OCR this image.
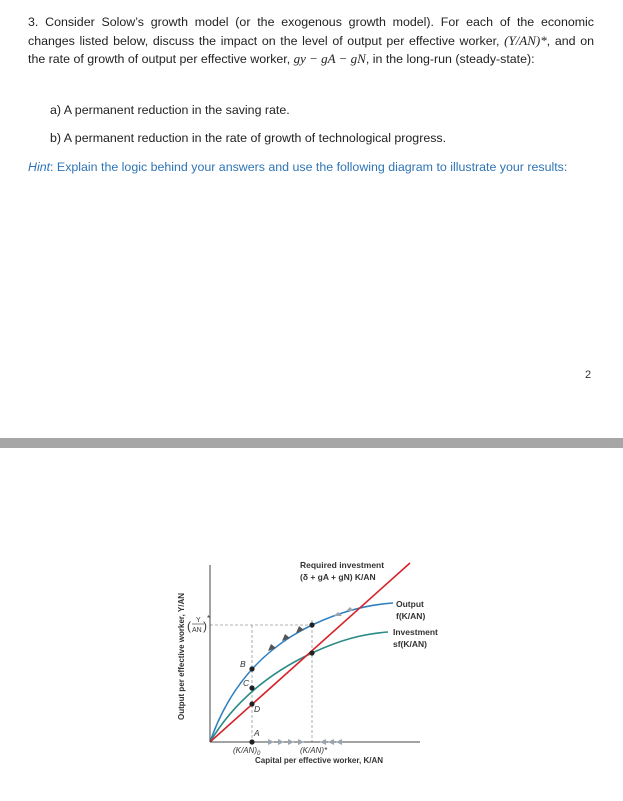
3. Consider Solow’s growth model (or the exogenous growth model). For each of the economic changes listed below, discuss the impact on the level of output per effective worker, (Y/AN)*, and on the rate of growth of output per effective worker, gy − gA − gN, in the long-run (steady-state):
a) A permanent reduction in the saving rate.
b) A permanent reduction in the rate of growth of technological progress.
Hint: Explain the logic behind your answers and use the following diagram to illustrate your results:
2
B
C
D
A
Y
AN
( )
*
$(K/AN)_0$	(K/AN)*
Capital per effective worker, K/AN
Output per effective worker, Y/AN
Required investment (δ + gA + gN) K/AN
Output f(K/AN)
Investment sf(K/AN)
